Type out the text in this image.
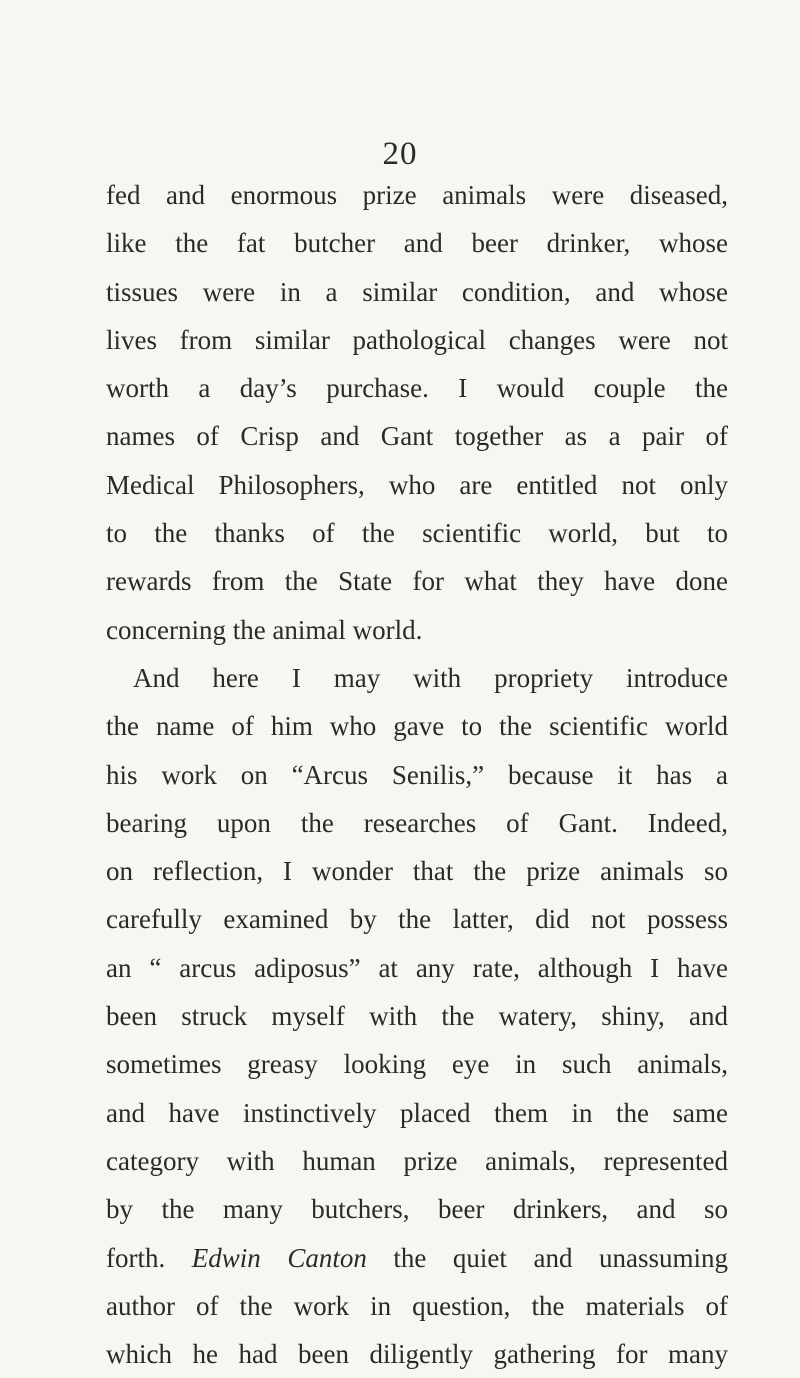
20
fed and enormous prize animals were diseased,
like the fat butcher and beer drinker, whose
tissues were in a similar condition, and whose
lives from similar pathological changes were not
worth a day’s purchase. I would couple the
names of Crisp and Gant together as a pair of
Medical Philosophers, who are entitled not only
to the thanks of the scientific world, but to
rewards from the State for what they have done
concerning the animal world.
And here I may with propriety introduce
the name of him who gave to the scientific world
his work on “Arcus Senilis,” because it has a
bearing upon the researches of Gant. Indeed,
on reflection, I wonder that the prize animals so
carefully examined by the latter, did not possess
an “ arcus adiposus” at any rate, although I have
been struck myself with the watery, shiny, and
sometimes greasy looking eye in such animals,
and have instinctively placed them in the same
category with human prize animals, represented
by the many butchers, beer drinkers, and so
forth. Edwin Canton the quiet and unassuming
author of the work in question, the materials of
which he had been diligently gathering for many
